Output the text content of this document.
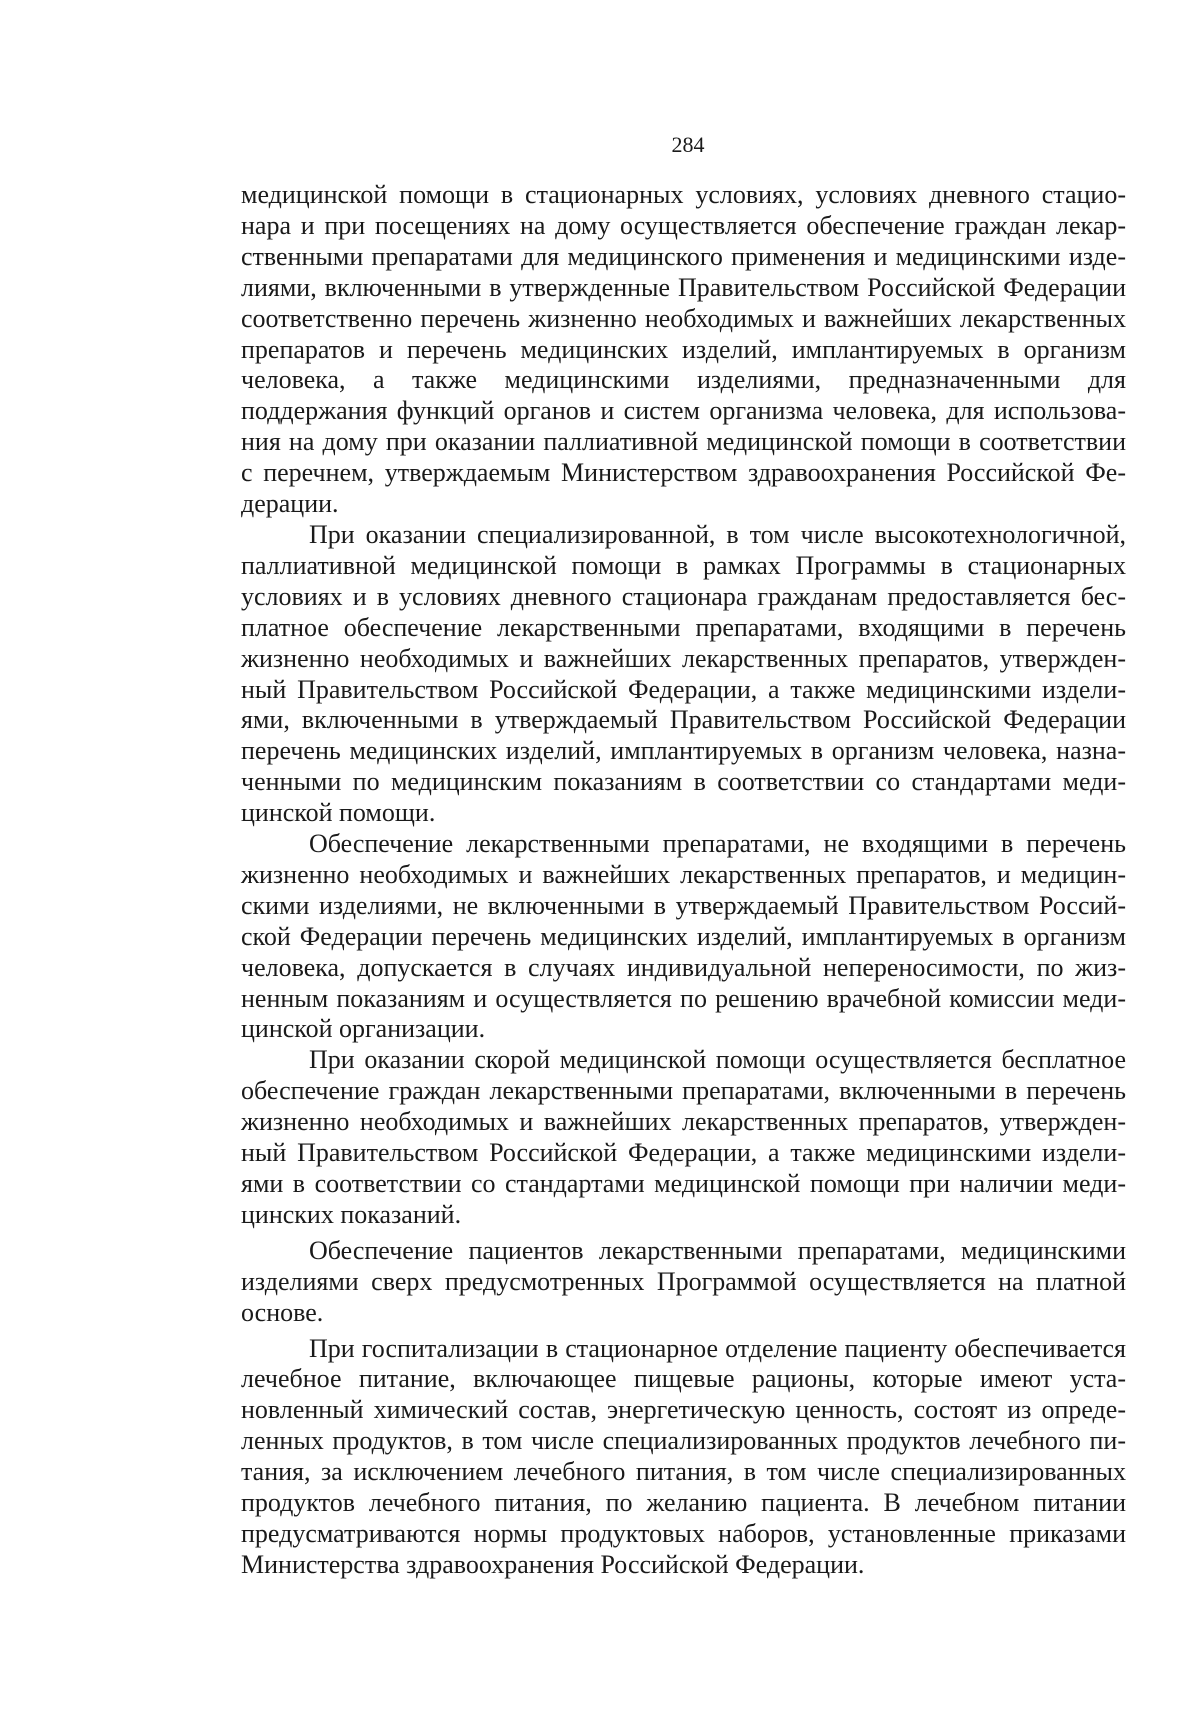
284

медицинской помощи в стационарных условиях, условиях дневного стационара и при посещениях на дому осуществляется обеспечение граждан лекарственными препаратами для медицинского применения и медицинскими изделиями, включенными в утвержденные Правительством Российской Федерации соответственно перечень жизненно необходимых и важнейших лекарственных препаратов и перечень медицинских изделий, имплантируемых в организм человека, а также медицинскими изделиями, предназначенными для поддержания функций органов и систем организма человека, для использования на дому при оказании паллиативной медицинской помощи в соответствии с перечнем, утверждаемым Министерством здравоохранения Российской Федерации.

При оказании специализированной, в том числе высокотехнологичной, паллиативной медицинской помощи в рамках Программы в стационарных условиях и в условиях дневного стационара гражданам предоставляется бесплатное обеспечение лекарственными препаратами, входящими в перечень жизненно необходимых и важнейших лекарственных препаратов, утвержденный Правительством Российской Федерации, а также медицинскими изделиями, включенными в утверждаемый Правительством Российской Федерации перечень медицинских изделий, имплантируемых в организм человека, назначенными по медицинским показаниям в соответствии со стандартами медицинской помощи.

Обеспечение лекарственными препаратами, не входящими в перечень жизненно необходимых и важнейших лекарственных препаратов, и медицинскими изделиями, не включенными в утверждаемый Правительством Российской Федерации перечень медицинских изделий, имплантируемых в организм человека, допускается в случаях индивидуальной непереносимости, по жизненным показаниям и осуществляется по решению врачебной комиссии медицинской организации.

При оказании скорой медицинской помощи осуществляется бесплатное обеспечение граждан лекарственными препаратами, включенными в перечень жизненно необходимых и важнейших лекарственных препаратов, утвержденный Правительством Российской Федерации, а также медицинскими изделиями в соответствии со стандартами медицинской помощи при наличии медицинских показаний.

Обеспечение пациентов лекарственными препаратами, медицинскими изделиями сверх предусмотренных Программой осуществляется на платной основе.

При госпитализации в стационарное отделение пациенту обеспечивается лечебное питание, включающее пищевые рационы, которые имеют установленный химический состав, энергетическую ценность, состоят из определенных продуктов, в том числе специализированных продуктов лечебного питания, за исключением лечебного питания, в том числе специализированных продуктов лечебного питания, по желанию пациента. В лечебном питании предусматриваются нормы продуктовых наборов, установленные приказами Министерства здравоохранения Российской Федерации.
